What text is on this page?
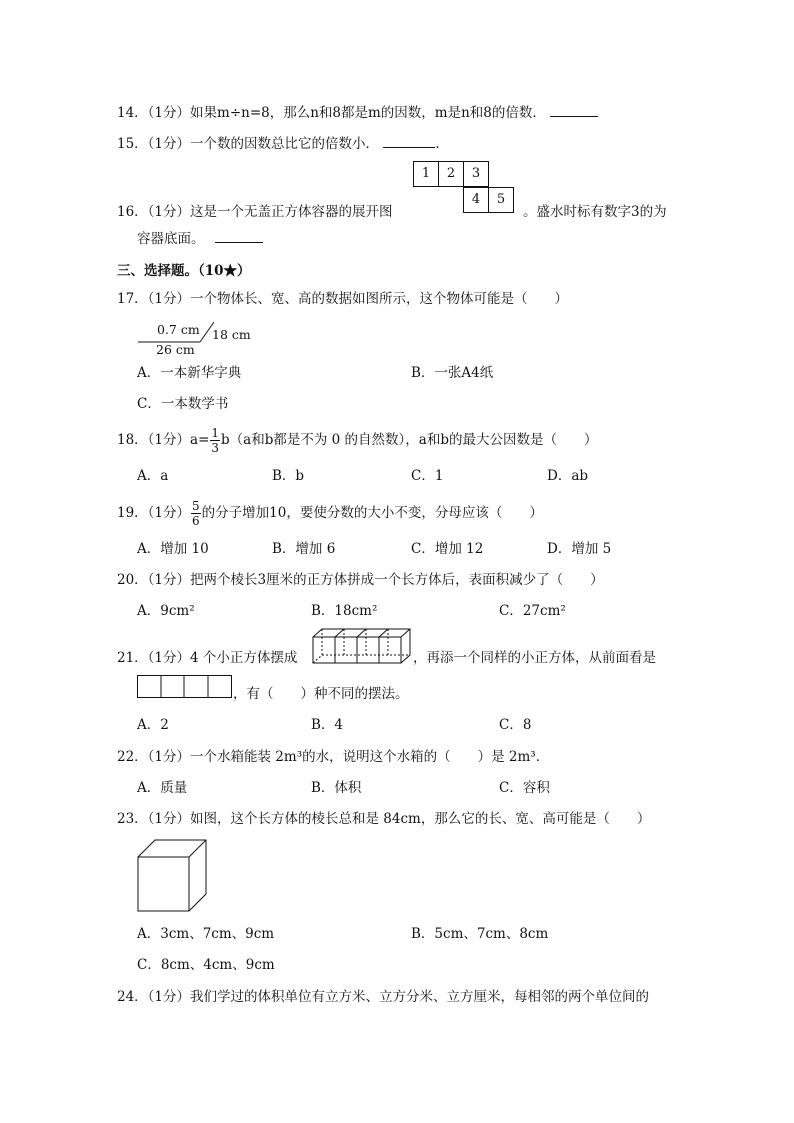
14．（1分）如果m÷n=8，那么n和8都是m的因数，m是n和8的倍数．
15．（1分）一个数的因数总比它的倍数小．	．
1	2	3
4	5
16．（1分）这是一个无盖正方体容器的展开图	。盛水时标有数字3的为
容器底面。
三、选择题。（10★）
17．（1分）一个物体长、宽、高的数据如图所示，这个物体可能是（　　）
0.7 cm 18 cm
26 cm
A．一本新华字典	B．一张A4纸
C．一本数学书
18．（1分）$a= \frac{1}{3} b(a$和b都是不为 0 的自然数），a和b的最大公因数是（　　）
A．a	B．b	C．1	D．ab
19．（1分） $\frac{5}{6}$ 的分子增加10，要使分数的大小不变，分母应该（　　）
A．增加 10	B．增加 6	C．增加 12	D．增加 5
20．（1分）把两个棱长3厘米的正方体拼成一个长方体后，表面积减少了（　　）
A．9cm²	B．18cm²	C．27cm²
21．（1分）4 个小正方体摆成	，再添一个同样的小正方体，从前面看是
，有（　　）种不同的摆法。
A．2	B．4	C．8
22．（1分）一个水箱能装 2m³的水，说明这个水箱的（　　）是 2m³．
A．质量	B．体积	C．容积
23．（1分）如图，这个长方体的棱长总和是 84cm，那么它的长、宽、高可能是（　　）
A．3cm、7cm、9cm	B．5cm、7cm、8cm
C．8cm、4cm、9cm
24．（1分）我们学过的体积单位有立方米、立方分米、立方厘米，每相邻的两个单位间的
